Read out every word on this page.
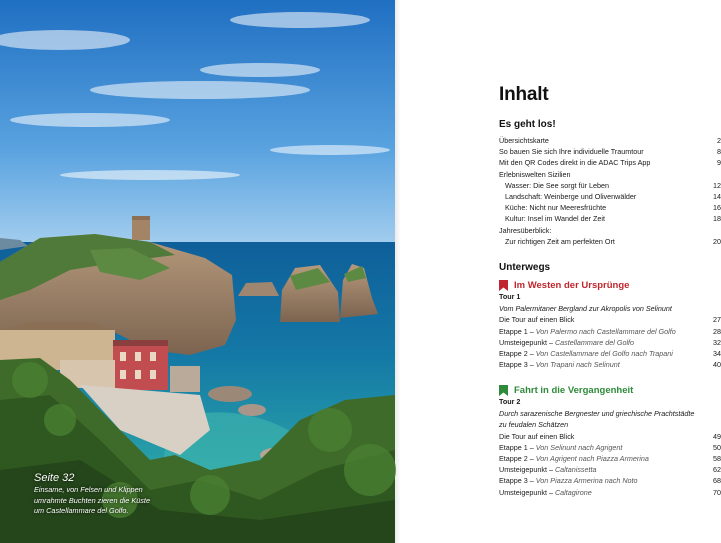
Seite 32
Einsame, von Felsen und Klippen
umrahmte Buchten zieren die Küste
um Castellammare del Golfo.
Inhalt
Es geht los!
Übersichtskarte	2
So bauen Sie sich Ihre individuelle Traumtour	8
Mit den QR Codes direkt in die ADAC Trips App	9
Erlebniswelten Sizilien
Wasser: Die See sorgt für Leben	12
Landschaft: Weinberge und Olivenwälder	14
Küche: Nicht nur Meeresfrüchte	16
Kultur: Insel im Wandel der Zeit	18
Jahresüberblick:
Zur richtigen Zeit am perfekten Ort	20
Unterwegs
Im Westen der Ursprünge
Tour 1
Vom Palermitaner Bergland zur Akropolis von Selinunt
Die Tour auf einen Blick	27
Etappe 1 – Von Palermo nach Castellammare del Golfo	28
Umsteigepunkt – Castellammare del Golfo	32
Etappe 2 – Von Castellammare del Golfo nach Trapani	34
Etappe 3 – Von Trapani nach Selinunt	40
Fahrt in die Vergangenheit
Tour 2
Durch sarazenische Bergnester und griechische Prachtstädte
zu feudalen Schätzen
Die Tour auf einen Blick	49
Etappe 1 – Von Selinunt nach Agrigent	50
Etappe 2 – Von Agrigent nach Piazza Armerina	58
Umsteigepunkt – Caltanissetta	62
Etappe 3 – Von Piazza Armerina nach Noto	68
Umsteigepunkt – Caltagirone	70
